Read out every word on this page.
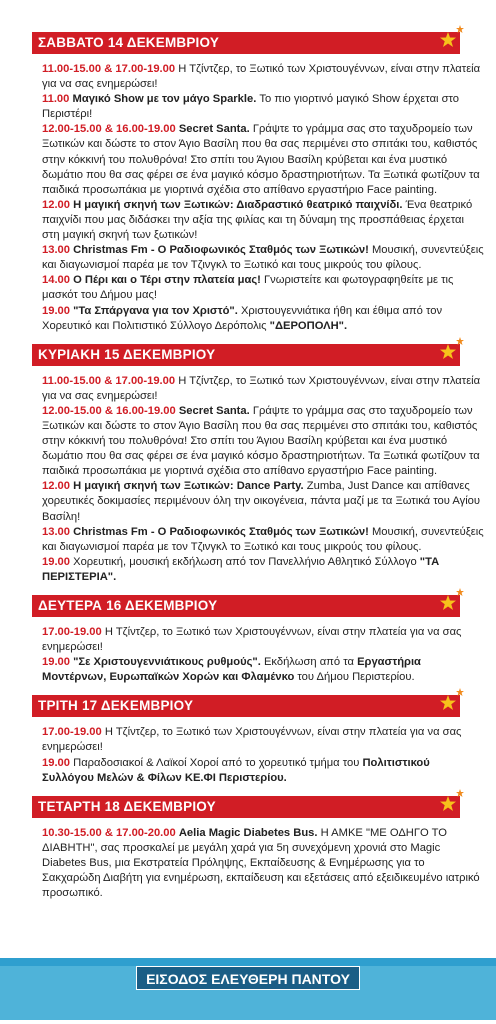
ΣΑΒΒΑΤΟ 14 ΔΕΚΕΜΒΡΙΟΥ

11.00-15.00 & 17.00-19.00 Η Τζίντζερ, το Ξωτικό των Χριστουγέννων, είναι στην πλατεία για να σας ενημερώσει!

11.00 Μαγικό Show με τον μάγο Sparkle. Το πιο γιορτινό μαγικό Show έρχεται στο Περιστέρι!

12.00-15.00 & 16.00-19.00 Secret Santa. Γράψτε το γράμμα σας στο ταχυδρομείο των Ξωτικών και δώστε το στον Άγιο Βασίλη που θα σας περιμένει στο σπιτάκι του, καθιστός στην κόκκινή του πολυθρόνα! Στο σπίτι του Άγιου Βασίλη κρύβεται και ένα μυστικό δωμάτιο που θα σας φέρει σε ένα μαγικό κόσμο δραστηριοτήτων. Τα Ξωτικά φωτίζουν τα παιδικά προσωπάκια με γιορτινά σχέδια στο απίθανο εργαστήριο Face painting.

12.00 Η μαγική σκηνή των Ξωτικών: Διαδραστικό θεατρικό παιχνίδι. Ένα θεατρικό παιχνίδι που μας διδάσκει την αξία της φιλίας και τη δύναμη της προσπάθειας έρχεται στη μαγική σκηνή των ξωτικών!

13.00 Christmas Fm - Ο Ραδιοφωνικός Σταθμός των Ξωτικών! Μουσική, συνεντεύξεις και διαγωνισμοί παρέα με τον Τζινγκλ το Ξωτικό και τους μικρούς του φίλους.

14.00 Ο Πέρι και ο Τέρι στην πλατεία μας! Γνωριστείτε και φωτογραφηθείτε με τις μασκότ του Δήμου μας!

19.00 "Τα Σπάργανα για τον Χριστό". Χριστουγεννιάτικα ήθη και έθιμα από τον Χορευτικό και Πολιτιστικό Σύλλογο Δερόπολις "ΔΕΡΟΠΟΛΗ".

ΚΥΡΙΑΚΗ 15 ΔΕΚΕΜΒΡΙΟΥ

11.00-15.00 & 17.00-19.00 Η Τζίντζερ, το Ξωτικό των Χριστουγέννων, είναι στην πλατεία για να σας ενημερώσει!

12.00-15.00 & 16.00-19.00 Secret Santa. Γράψτε το γράμμα σας στο ταχυδρομείο των Ξωτικών και δώστε το στον Άγιο Βασίλη που θα σας περιμένει στο σπιτάκι του, καθιστός στην κόκκινή του πολυθρόνα! Στο σπίτι του Άγιου Βασίλη κρύβεται και ένα μυστικό δωμάτιο που θα σας φέρει σε ένα μαγικό κόσμο δραστηριοτήτων. Τα Ξωτικά φωτίζουν τα παιδικά προσωπάκια με γιορτινά σχέδια στο απίθανο εργαστήριο Face painting.

12.00 Η μαγική σκηνή των Ξωτικών: Dance Party. Zumba, Just Dance και απίθανες χορευτικές δοκιμασίες περιμένουν όλη την οικογένεια, πάντα μαζί με τα Ξωτικά του Αγίου Βασίλη!

13.00 Christmas Fm - Ο Ραδιοφωνικός Σταθμός των Ξωτικών! Μουσική, συνεντεύξεις και διαγωνισμοί παρέα με τον Τζινγκλ το Ξωτικό και τους μικρούς του φίλους.

19.00 Χορευτική, μουσική εκδήλωση από τον Πανελλήνιο Αθλητικό Σύλλογο "ΤΑ ΠΕΡΙΣΤΕΡΙΑ".

ΔΕΥΤΕΡΑ 16 ΔΕΚΕΜΒΡΙΟΥ

17.00-19.00 Η Τζίντζερ, το Ξωτικό των Χριστουγέννων, είναι στην πλατεία για να σας ενημερώσει!

19.00 "Σε Χριστουγεννιάτικους ρυθμούς". Εκδήλωση από τα Εργαστήρια Μοντέρνων, Ευρωπαϊκών Χορών και Φλαμένκο του Δήμου Περιστερίου.

ΤΡΙΤΗ 17 ΔΕΚΕΜΒΡΙΟΥ

17.00-19.00 Η Τζίντζερ, το Ξωτικό των Χριστουγέννων, είναι στην πλατεία για να σας ενημερώσει!

19.00 Παραδοσιακοί & Λαϊκοί Χοροί από το χορευτικό τμήμα του Πολιτιστικού Συλλόγου Μελών & Φίλων ΚΕ.ΦΙ Περιστερίου.

ΤΕΤΑΡΤΗ 18 ΔΕΚΕΜΒΡΙΟΥ

10.30-15.00 & 17.00-20.00 Aelia Magic Diabetes Bus. Η ΑΜΚΕ "ΜΕ ΟΔΗΓΟ ΤΟ ΔΙΑΒΗΤΗ", σας προσκαλεί με μεγάλη χαρά για 5η συνεχόμενη χρονιά στο Magic Diabetes Bus, μια Εκστρατεία Πρόληψης, Εκπαίδευσης & Ενημέρωσης για το Σακχαρώδη Διαβήτη για ενημέρωση, εκπαίδευση και εξετάσεις από εξειδικευμένο ιατρικό προσωπικό.

ΕΙΣΟΔΟΣ ΕΛΕΥΘΕΡΗ ΠΑΝΤΟΥ
